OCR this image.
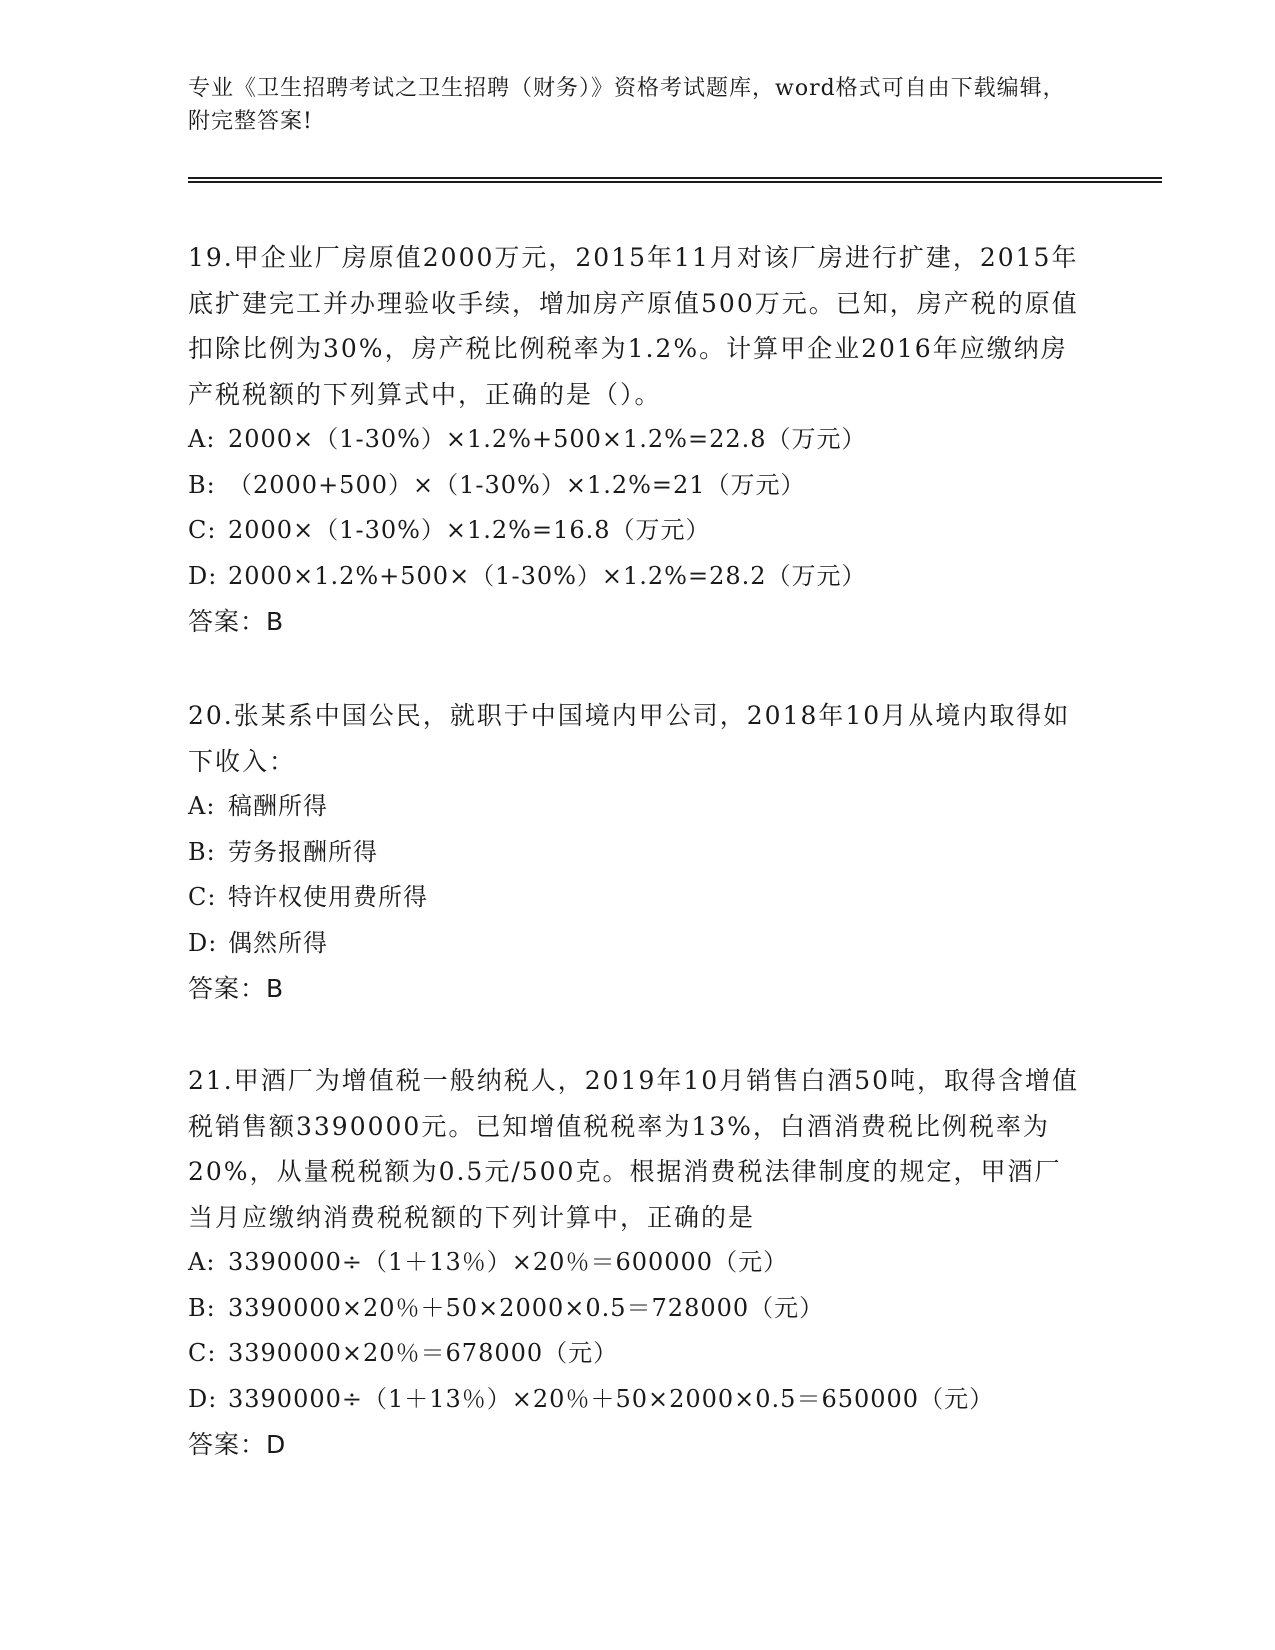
专业《卫生招聘考试之卫生招聘（财务）》资格考试题库，word格式可自由下载编辑，附完整答案!

19.甲企业厂房原值2000万元，2015年11月对该厂房进行扩建，2015年底扩建完工并办理验收手续，增加房产原值500万元。已知，房产税的原值扣除比例为30%，房产税比例税率为1.2%。计算甲企业2016年应缴纳房产税税额的下列算式中，正确的是（）。

A: 2000×（1-30%）×1.2%+500×1.2%=22.8（万元）

B: （2000+500）×（1-30%）×1.2%=21（万元）

C: 2000×（1-30%）×1.2%=16.8（万元）

D: 2000×1.2%+500×（1-30%）×1.2%=28.2（万元）

答案：B

20.张某系中国公民，就职于中国境内甲公司，2018年10月从境内取得如下收入：

A: 稿酬所得

B: 劳务报酬所得

C: 特许权使用费所得

D: 偶然所得

答案：B

21.甲酒厂为增值税一般纳税人，2019年10月销售白酒50吨，取得含增值税销售额3390000元。已知增值税税率为13%，白酒消费税比例税率为20%，从量税税额为0.5元/500克。根据消费税法律制度的规定，甲酒厂当月应缴纳消费税税额的下列计算中，正确的是

A: 3390000÷（1＋13％）×20％＝600000（元）

B: 3390000×20％＋50×2000×0.5＝728000（元）

C: 3390000×20％＝678000（元）

D: 3390000÷（1＋13％）×20％＋50×2000×0.5＝650000（元）

答案：D
